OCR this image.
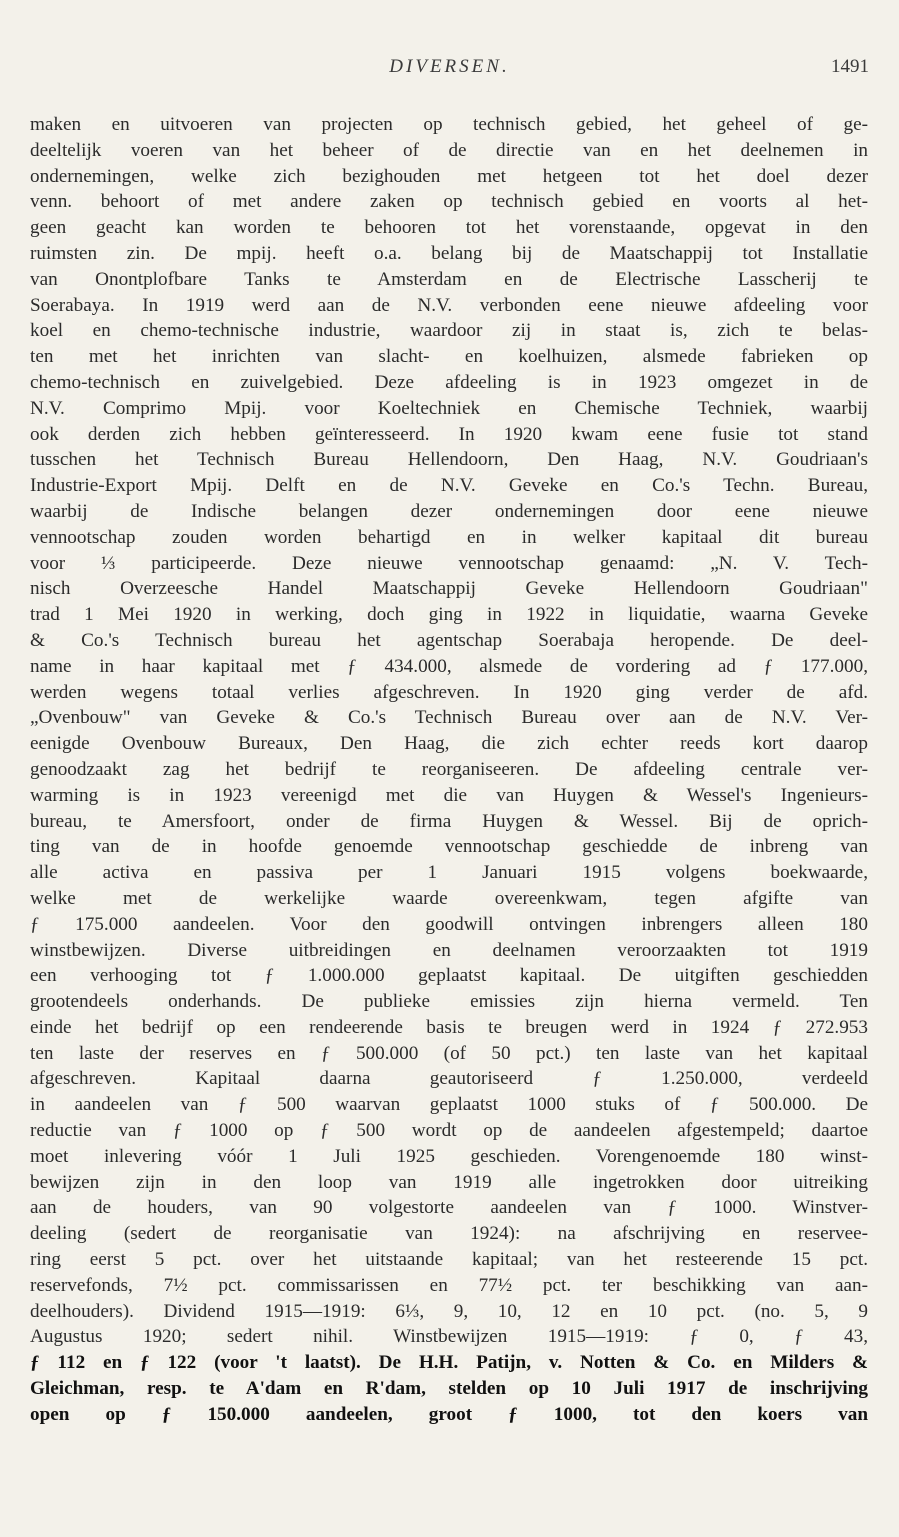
DIVERSEN.	1491
maken en uitvoeren van projecten op technisch gebied, het geheel of ge-
deeltelijk voeren van het beheer of de directie van en het deelnemen in
ondernemingen, welke zich bezighouden met hetgeen tot het doel dezer
venn. behoort of met andere zaken op technisch gebied en voorts al het-
geen geacht kan worden te behooren tot het vorenstaande, opgevat in den
ruimsten zin. De mpij. heeft o.a. belang bij de Maatschappij tot Installatie
van Onontplofbare Tanks te Amsterdam en de Electrische Lasscherij te
Soerabaya. In 1919 werd aan de N.V. verbonden eene nieuwe afdeeling voor
koel en chemo-technische industrie, waardoor zij in staat is, zich te belas-
ten met het inrichten van slacht- en koelhuizen, alsmede fabrieken op
chemo-technisch en zuivelgebied. Deze afdeeling is in 1923 omgezet in de
N.V. Comprimo Mpij. voor Koeltechniek en Chemische Techniek, waarbij
ook derden zich hebben geïnteresseerd. In 1920 kwam eene fusie tot stand
tusschen het Technisch Bureau Hellendoorn, Den Haag, N.V. Goudriaan's
Industrie-Export Mpij. Delft en de N.V. Geveke en Co.'s Techn. Bureau,
waarbij de Indische belangen dezer ondernemingen door eene nieuwe
vennootschap zouden worden behartigd en in welker kapitaal dit bureau
voor ⅓ participeerde. Deze nieuwe vennootschap genaamd: „N. V. Tech-
nisch Overzeesche Handel Maatschappij Geveke Hellendoorn Goudriaan"
trad 1 Mei 1920 in werking, doch ging in 1922 in liquidatie, waarna Geveke
& Co.'s Technisch bureau het agentschap Soerabaja heropende. De deel-
name in haar kapitaal met ƒ 434.000, alsmede de vordering ad ƒ 177.000,
werden wegens totaal verlies afgeschreven. In 1920 ging verder de afd.
„Ovenbouw" van Geveke & Co.'s Technisch Bureau over aan de N.V. Ver-
eenigde Ovenbouw Bureaux, Den Haag, die zich echter reeds kort daarop
genoodzaakt zag het bedrijf te reorganiseeren. De afdeeling centrale ver-
warming is in 1923 vereenigd met die van Huygen & Wessel's Ingenieurs-
bureau, te Amersfoort, onder de firma Huygen & Wessel. Bij de oprich-
ting van de in hoofde genoemde vennootschap geschiedde de inbreng van
alle activa en passiva per 1 Januari 1915 volgens boekwaarde,
welke met de werkelijke waarde overeenkwam, tegen afgifte van
ƒ 175.000 aandeelen. Voor den goodwill ontvingen inbrengers alleen 180
winstbewijzen. Diverse uitbreidingen en deelnamen veroorzaakten tot 1919
een verhooging tot ƒ 1.000.000 geplaatst kapitaal. De uitgiften geschiedden
grootendeels onderhands. De publieke emissies zijn hierna vermeld. Ten
einde het bedrijf op een rendeerende basis te breugen werd in 1924 ƒ 272.953
ten laste der reserves en ƒ 500.000 (of 50 pct.) ten laste van het kapitaal
afgeschreven. Kapitaal daarna geautoriseerd ƒ 1.250.000, verdeeld
in aandeelen van ƒ 500 waarvan geplaatst 1000 stuks of ƒ 500.000. De
reductie van ƒ 1000 op ƒ 500 wordt op de aandeelen afgestempeld; daartoe
moet inlevering vóór 1 Juli 1925 geschieden. Vorengenoemde 180 winst-
bewijzen zijn in den loop van 1919 alle ingetrokken door uitreiking
aan de houders, van 90 volgestorte aandeelen van ƒ 1000. Winstver-
deeling (sedert de reorganisatie van 1924): na afschrijving en reservee-
ring eerst 5 pct. over het uitstaande kapitaal; van het resteerende 15 pct.
reservefonds, 7½ pct. commissarissen en 77½ pct. ter beschikking van aan-
deelhouders). Dividend 1915—1919: 6⅓, 9, 10, 12 en 10 pct. (no. 5, 9
Augustus 1920; sedert nihil. Winstbewijzen 1915—1919: ƒ 0, ƒ 43,
ƒ 112 en ƒ 122 (voor 't laatst). De H.H. Patijn, v. Notten & Co. en Milders &
Gleichman, resp. te A'dam en R'dam, stelden op 10 Juli 1917 de inschrijving
open op ƒ 150.000 aandeelen, groot ƒ 1000, tot den koers van
